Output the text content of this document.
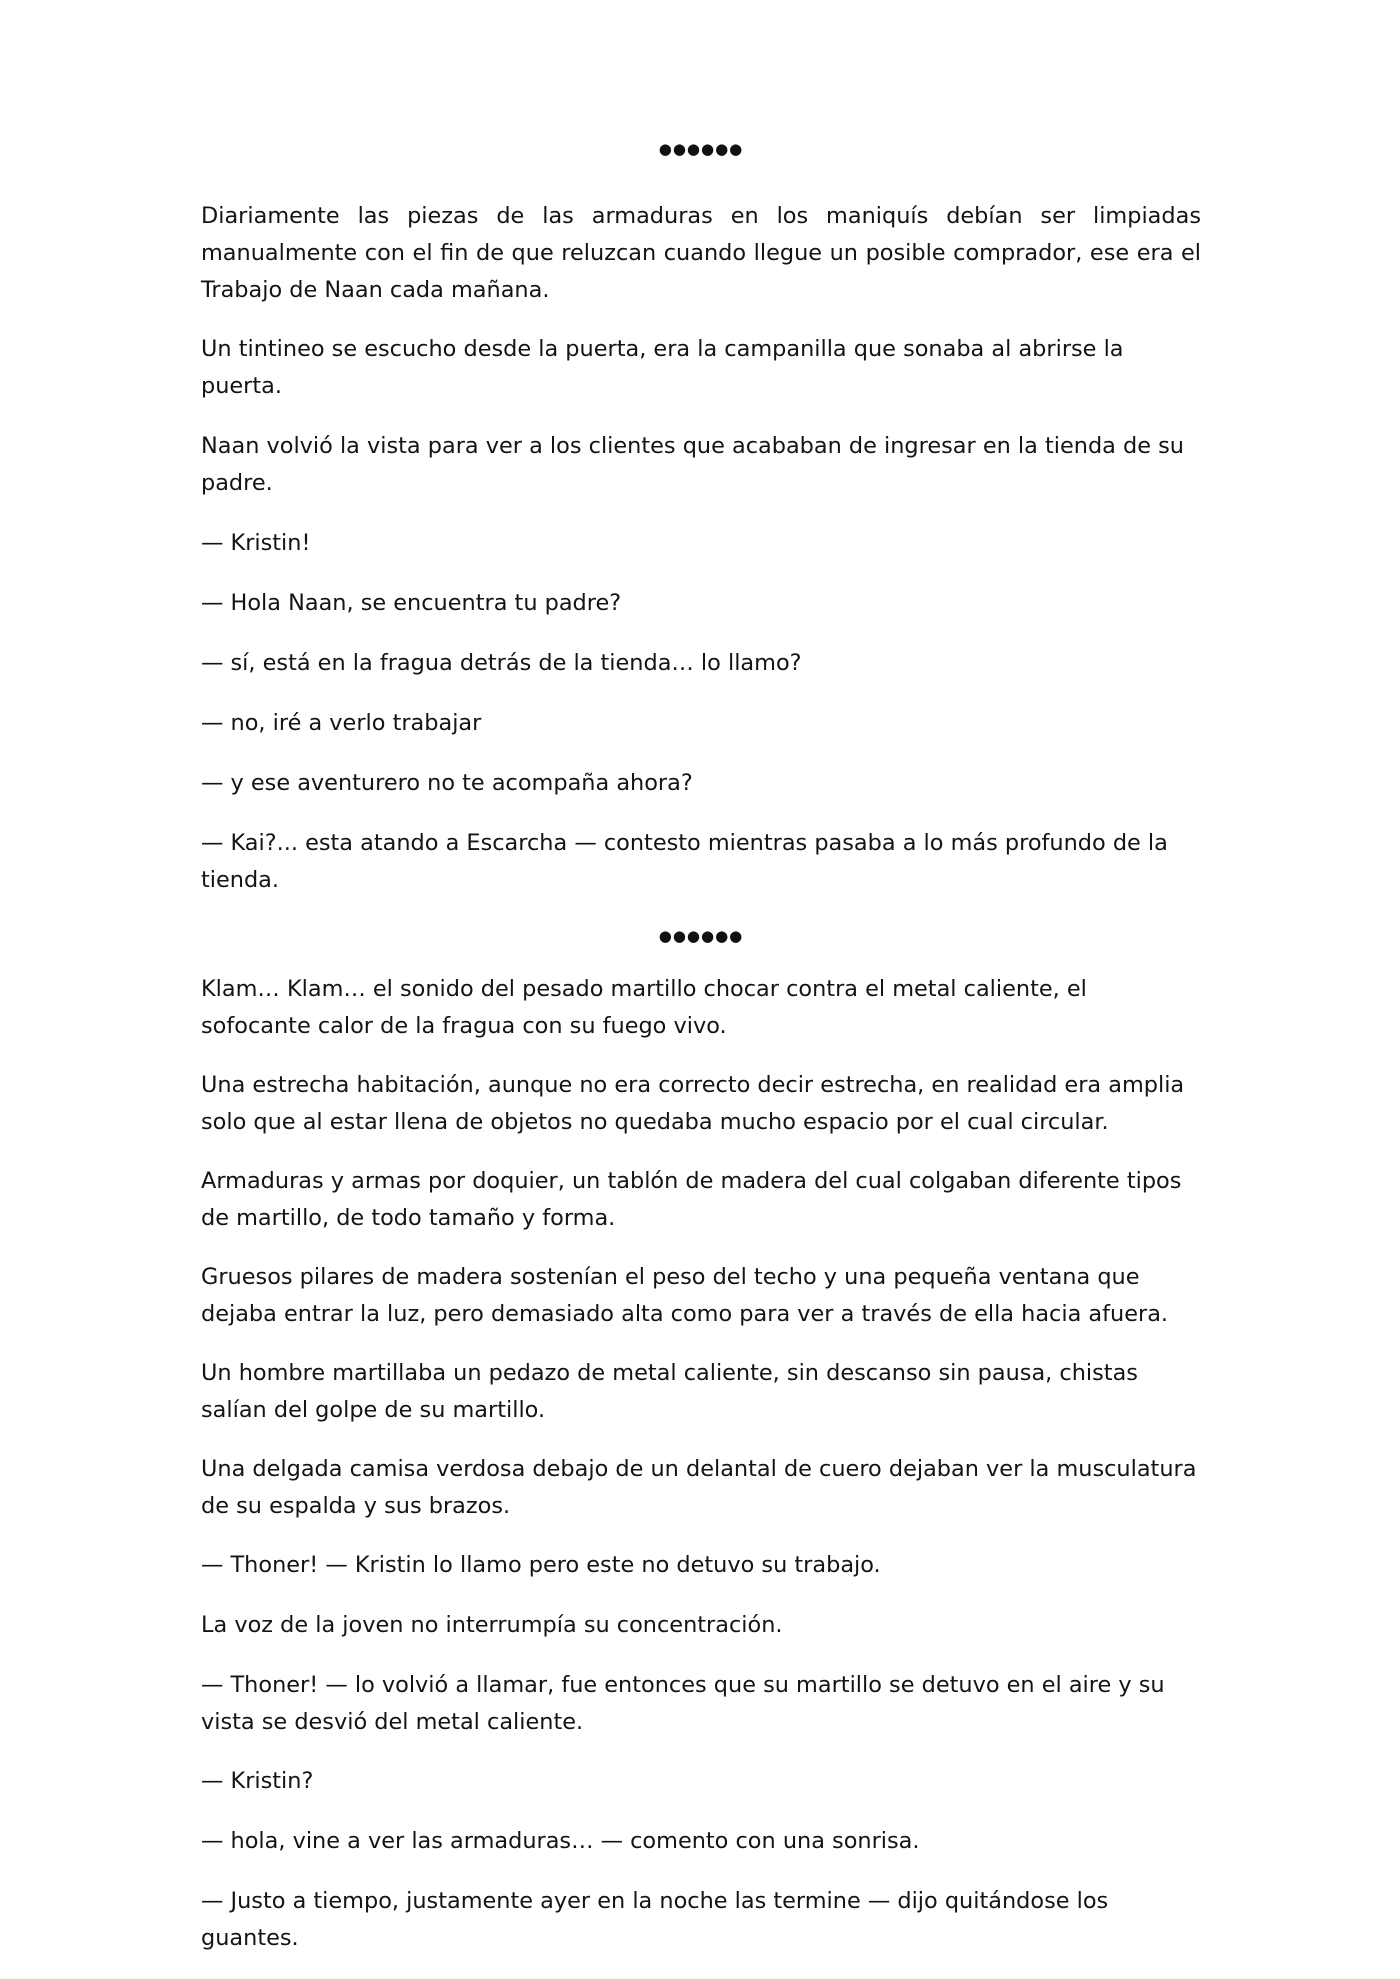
●●●●●●

Diariamente las piezas de las armaduras en los maniquís debían ser limpiadas manualmente con el fin de que reluzcan cuando llegue un posible comprador, ese era el Trabajo de Naan cada mañana.

Un tintineo se escucho desde la puerta, era la campanilla que sonaba al abrirse la puerta.

Naan volvió la vista para ver a los clientes que acababan de ingresar en la tienda de su padre.

— Kristin!

— Hola Naan, se encuentra tu padre?

— sí, está en la fragua detrás de la tienda… lo llamo?

— no, iré a verlo trabajar

— y ese aventurero no te acompaña ahora?

— Kai?... esta atando a Escarcha — contesto mientras pasaba a lo más profundo de la tienda.

●●●●●●

Klam… Klam… el sonido del pesado martillo chocar contra el metal caliente, el sofocante calor de la fragua con su fuego vivo.

Una estrecha habitación, aunque no era correcto decir estrecha, en realidad era amplia solo que al estar llena de objetos no quedaba mucho espacio por el cual circular.

Armaduras y armas por doquier, un tablón de madera del cual colgaban diferente tipos de martillo, de todo tamaño y forma.

Gruesos pilares de madera sostenían el peso del techo y una pequeña ventana que dejaba entrar la luz, pero demasiado alta como para ver a través de ella hacia afuera.

Un hombre martillaba un pedazo de metal caliente, sin descanso sin pausa, chistas salían del golpe de su martillo.

Una delgada camisa verdosa debajo de un delantal de cuero dejaban ver la musculatura de su espalda y sus brazos.

— Thoner! — Kristin lo llamo pero este no detuvo su trabajo.

La voz de la joven no interrumpía su concentración.

— Thoner! — lo volvió a llamar, fue entonces que su martillo se detuvo en el aire y su vista se desvió del metal caliente.

— Kristin?

— hola, vine a ver las armaduras… — comento con una sonrisa.

— Justo a tiempo, justamente ayer en la noche las termine — dijo quitándose los guantes.
